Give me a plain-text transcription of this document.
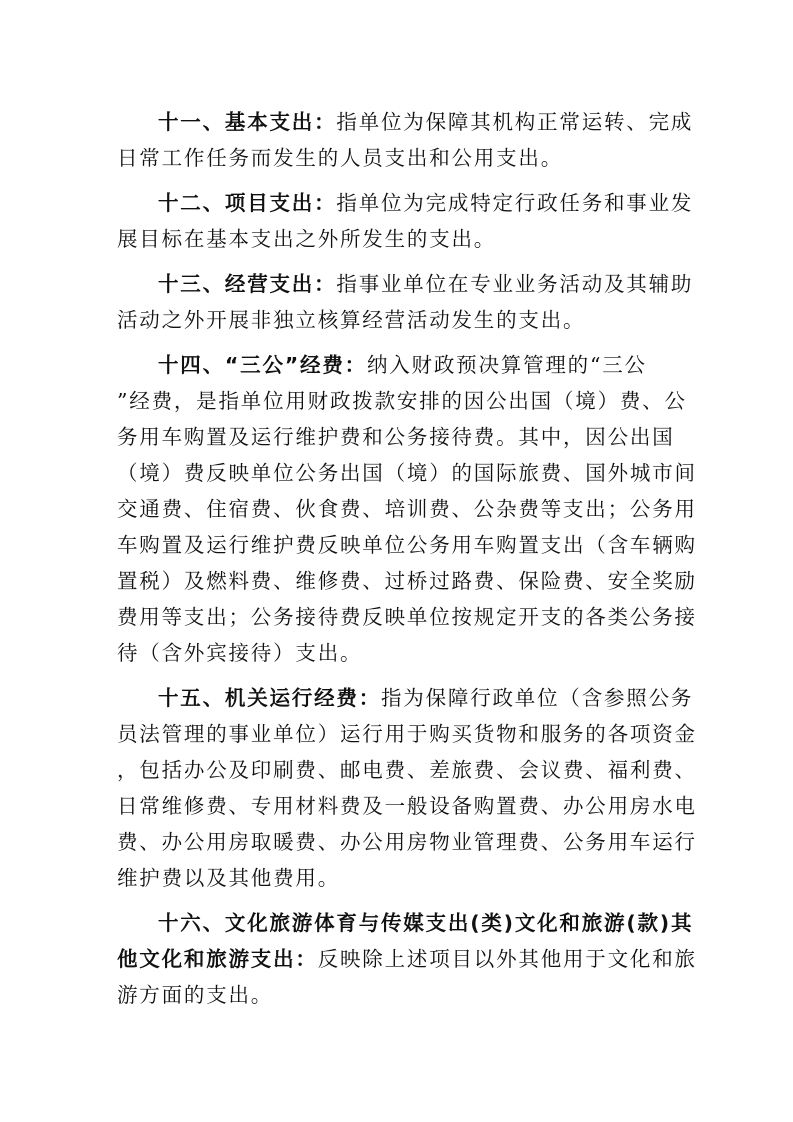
十一、基本支出：指单位为保障其机构正常运转、完成
日常工作任务而发生的人员支出和公用支出。
十二、项目支出：指单位为完成特定行政任务和事业发
展目标在基本支出之外所发生的支出。
十三、经营支出：指事业单位在专业业务活动及其辅助
活动之外开展非独立核算经营活动发生的支出。
十四、“三公”经费：纳入财政预决算管理的“三公
”经费，是指单位用财政拨款安排的因公出国（境）费、公
务用车购置及运行维护费和公务接待费。其中，因公出国
（境）费反映单位公务出国（境）的国际旅费、国外城市间
交通费、住宿费、伙食费、培训费、公杂费等支出；公务用
车购置及运行维护费反映单位公务用车购置支出（含车辆购
置税）及燃料费、维修费、过桥过路费、保险费、安全奖励
费用等支出；公务接待费反映单位按规定开支的各类公务接
待（含外宾接待）支出。
十五、机关运行经费：指为保障行政单位（含参照公务
员法管理的事业单位）运行用于购买货物和服务的各项资金
，包括办公及印刷费、邮电费、差旅费、会议费、福利费、
日常维修费、专用材料费及一般设备购置费、办公用房水电
费、办公用房取暖费、办公用房物业管理费、公务用车运行
维护费以及其他费用。
十六、文化旅游体育与传媒支出(类)文化和旅游(款)其
他文化和旅游支出：反映除上述项目以外其他用于文化和旅
游方面的支出。
